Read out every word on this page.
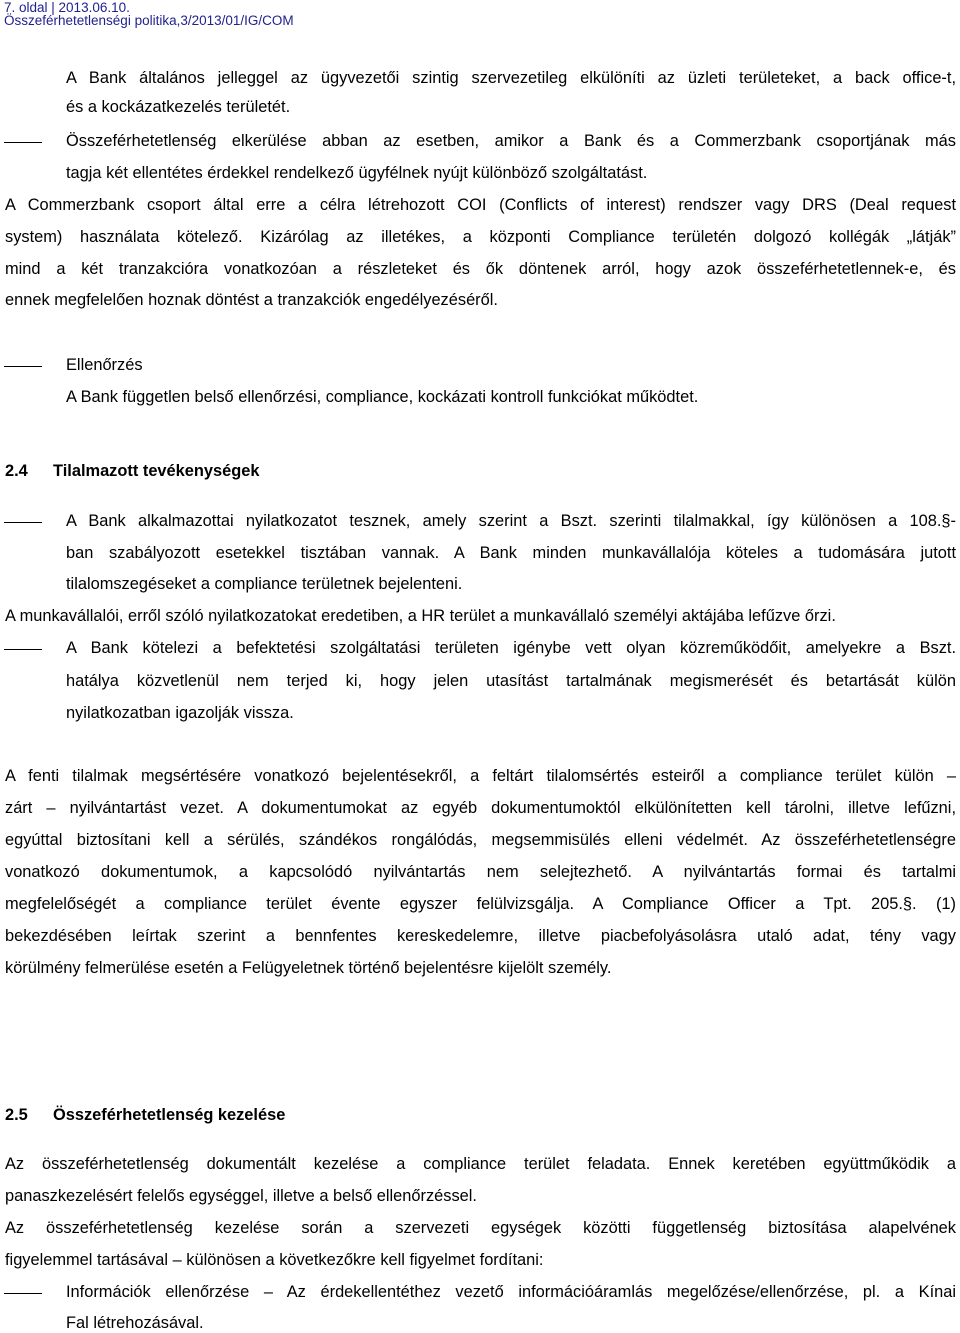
7. oldal | 2013.06.10.
Összeférhetetlenségi politika,3/2013/01/IG/COM
A Bank általános jelleggel az ügyvezetői szintig szervezetileg elkülöníti az üzleti területeket, a back office-t,
és a kockázatkezelés területét.
Összeférhetetlenség elkerülése abban az esetben, amikor a Bank és a Commerzbank csoportjának más
tagja két ellentétes érdekkel rendelkező ügyfélnek nyújt különböző szolgáltatást.
A Commerzbank csoport által erre a célra létrehozott COI (Conflicts of interest) rendszer vagy DRS (Deal request
system) használata kötelező. Kizárólag az illetékes, a központi Compliance területén dolgozó kollégák „látják”
mind a két tranzakcióra vonatkozóan a részleteket és ők döntenek arról, hogy azok összeférhetetlennek-e, és
ennek megfelelően hoznak döntést a tranzakciók engedélyezéséről.
Ellenőrzés
A Bank független belső ellenőrzési, compliance, kockázati kontroll funkciókat működtet.
2.4 Tilalmazott tevékenységek
A Bank alkalmazottai nyilatkozatot tesznek, amely szerint a Bszt. szerinti tilalmakkal, így különösen a 108.§-
ban szabályozott esetekkel tisztában vannak. A Bank minden munkavállalója köteles a tudomására jutott
tilalomszegéseket a compliance területnek bejelenteni.
A munkavállalói, erről szóló nyilatkozatokat eredetiben, a HR terület a munkavállaló személyi aktájába lefűzve őrzi.
A Bank kötelezi a befektetési szolgáltatási területen igénybe vett olyan közreműködőit, amelyekre a Bszt.
hatálya közvetlenül nem terjed ki, hogy jelen utasítást tartalmának megismerését és betartását külön
nyilatkozatban igazolják vissza.
A fenti tilalmak megsértésére vonatkozó bejelentésekről, a feltárt tilalomsértés esteiről a compliance terület külön –
zárt – nyilvántartást vezet. A dokumentumokat az egyéb dokumentumoktól elkülönítetten kell tárolni, illetve lefűzni,
egyúttal biztosítani kell a sérülés, szándékos rongálódás, megsemmisülés elleni védelmét. Az összeférhetetlenségre
vonatkozó dokumentumok, a kapcsolódó nyilvántartás nem selejtezhető. A nyilvántartás formai és tartalmi
megfelelőségét a compliance terület évente egyszer felülvizsgálja. A Compliance Officer a Tpt. 205.§. (1)
bekezdésében leírtak szerint a bennfentes kereskedelemre, illetve piacbefolyásolásra utaló adat, tény vagy
körülmény felmerülése esetén a Felügyeletnek történő bejelentésre kijelölt személy.
2.5 Összeférhetetlenség kezelése
Az összeférhetetlenség dokumentált kezelése a compliance terület feladata. Ennek keretében együttműködik a
panaszkezelésért felelős egységgel, illetve a belső ellenőrzéssel.
Az összeférhetetlenség kezelése során a szervezeti egységek közötti függetlenség biztosítása alapelvének
figyelemmel tartásával – különösen a következőkre kell figyelmet fordítani:
Információk ellenőrzése – Az érdekellentéthez vezető információáramlás megelőzése/ellenőrzése, pl. a Kínai
Fal létrehozásával.
